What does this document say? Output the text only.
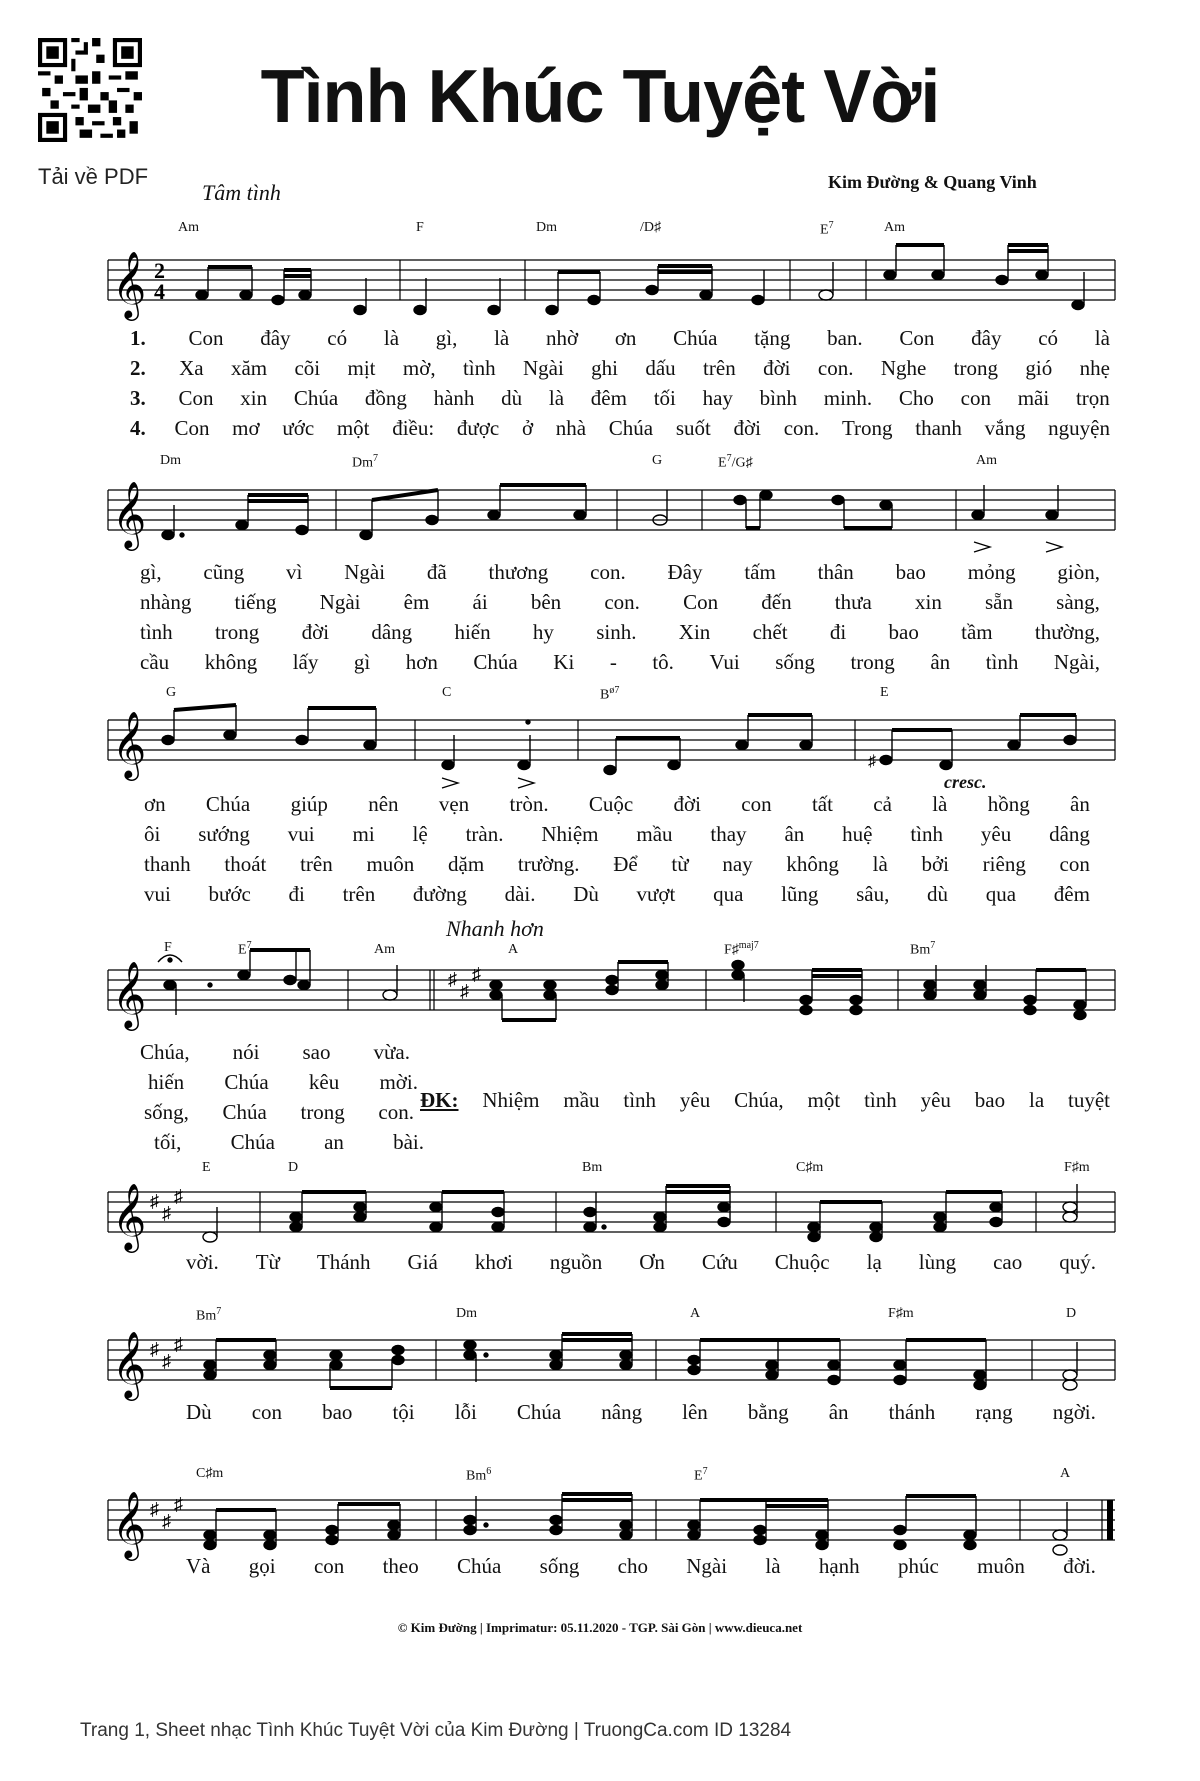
Tải về PDF
Tình Khúc Tuyệt Vời
Kim Đường & Quang Vinh
Tâm tình
Am	F	Dm	/D♯	$E^7$	Am
𝄞 2
4
1. Con đây có là gì, là nhờ ơn Chúa tặng ban. Con đây có là
2. Xa xăm cõi mịt mờ, tình Ngài ghi dấu trên đời con. Nghe trong gió nhẹ
3. Con xin Chúa đồng hành dù là đêm tối hay bình minh. Cho con mãi trọn
4. Con mơ ước một điều: được ở nhà Chúa suốt đời con. Trong thanh vắng nguyện
Dm	Dm$^7$	G	$E^7/G♯$	Am
𝄞
gì, cũng vì Ngài đã thương con. Đây tấm thân bao mỏng giòn,
nhàng tiếng Ngài êm ái bên con. Con đến thưa xin sẵn sàng,
tình trong đời dâng hiến hy sinh. Xin chết đi bao tầm thường,
cầu không lấy gì hơn Chúa Ki - tô. Vui sống trong ân tình Ngài,
G	C	$B^{ø7}$	E
𝄞	♯
cresc.
ơn Chúa giúp nên vẹn tròn. Cuộc đời con tất cả là hồng ân
ôi sướng vui mi lệ tràn. Nhiệm mầu thay ân huệ tình yêu dâng
thanh thoát trên muôn dặm trường. Để từ nay không là bởi riêng con
vui bước đi trên đường dài. Dù vượt qua lũng sâu, dù qua đêm
Nhanh hơn
F	$E^7$	Am	A	F♯$^{maj7}$	Bm$^7$
𝄞	♯
♯
♯
Chúa, nói sao vừa.
hiến Chúa kêu mời.
sống, Chúa trong con.
tối, Chúa an bài.
ĐK: Nhiệm mầu tình yêu Chúa, một tình yêu bao la tuyệt
E	D	Bm	C♯m	F♯m
𝄞 ♯
♯
♯
vời. Từ Thánh Giá khơi nguồn Ơn Cứu Chuộc lạ lùng cao quý.
Bm$^7$	Dm	A	F♯m	D
𝄞 ♯
♯
♯
Dù con bao tội lỗi Chúa nâng lên bằng ân thánh rạng ngời.
C♯m	Bm$^6$	$E^7$	A
𝄞 ♯
♯
♯
Và gọi con theo Chúa sống cho Ngài là hạnh phúc muôn đời.
© Kim Đường | Imprimatur: 05.11.2020 - TGP. Sài Gòn | www.dieuca.net
Trang 1, Sheet nhạc Tình Khúc Tuyệt Vời của Kim Đường | TruongCa.com ID 13284
